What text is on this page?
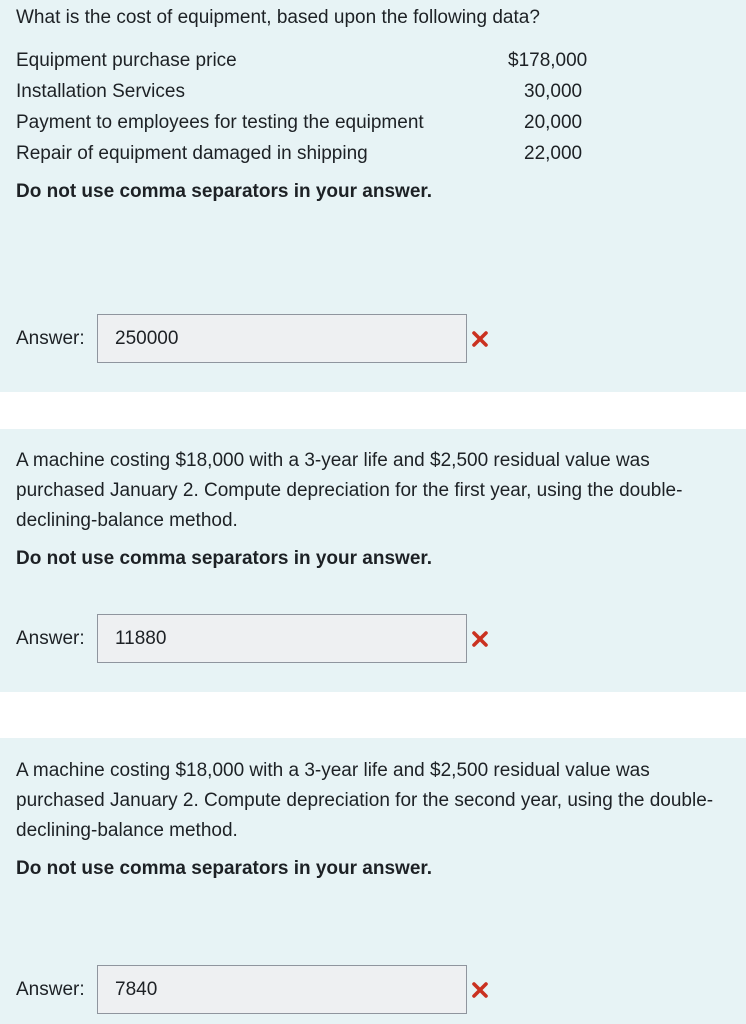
What is the cost of equipment, based upon the following data?
Equipment purchase price	$178,000
Installation Services	30,000
Payment to employees for testing the equipment	20,000
Repair of equipment damaged in shipping	22,000
Do not use comma separators in your answer.
Answer:	250000
A machine costing $18,000 with a 3-year life and $2,500 residual value was purchased January 2. Compute depreciation for the first year, using the double-declining-balance method.
Do not use comma separators in your answer.
Answer:	11880
A machine costing $18,000 with a 3-year life and $2,500 residual value was purchased January 2. Compute depreciation for the second year, using the double-declining-balance method.
Do not use comma separators in your answer.
Answer:	7840
